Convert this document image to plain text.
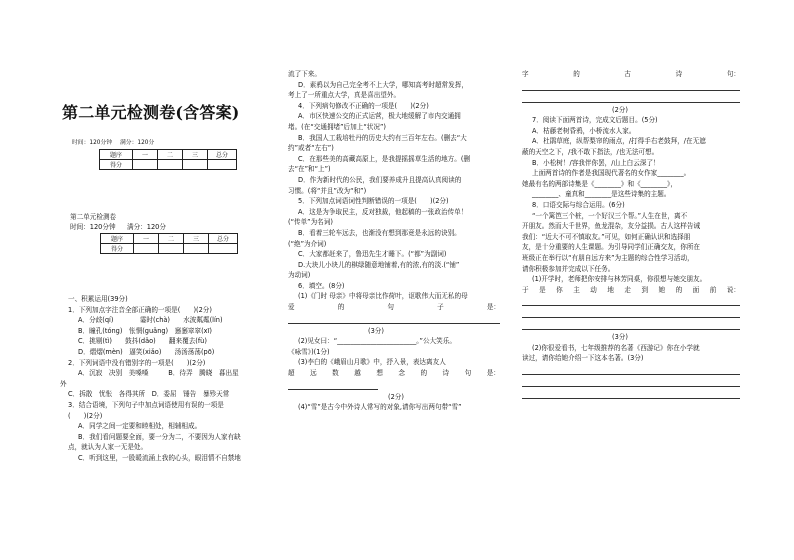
第二单元检测卷(含答案)
时间：120分钟 满分：120分
题序	一	二	三	总分
得分				
第二单元检测卷
时间：120分钟 满分：120分
题序	一	二	三	总分
得分				

一、积累运用(39分)

1．下列加点字注音全部正确的一项是(　　)(2分)

A．分歧(qí)　　　　霎时(chà)　　水波粼粼(lín)

B．瞳孔(tóng)　怅惘(guǎng)　窸窸窣窣(xī)

C．挑剔(tì)　　鼓抖(dǎo)　　翻来覆去(fù)

D．熠熠(mèn)　逼笑(xiǎo)　　汤汤荡荡(pō)

2．下列词语中没有错别字的一项是(　　)(2分)

A．沉寂　决别　美嗓嗓　　　B．待弄　腾晓　暮出星

外

C．拆散　忧怅　各得其所　D．委屈　锤告　暴殄天常

3．结合语境，下列句子中加点词语使用有误的一项是

(　　)(2分)

A．同学之间一定要和睦相处，相辅相成。

B．我们看问题要全面，要一分为二，不要因为人家有缺

点，就认为人家一无是处。

C．听到这里，一股暖流涌上我的心头，眼泪情不自禁地

流了下来。

D．素鸦以为自己完全考不上大学，哪知高考时超常发挥，

考上了一所重点大学，真是喜出望外。

4．下列病句修改不正确的一项是(　　)(2分)

A．市区快速公交的正式运营，极大地缓解了市内交通拥

堵。(在“交通拥堵”后加上“状况”)

B．我国人工栽培牡丹的历史大约有三百年左右。(删去“大

约”或者“左右”)

C．在那些美的高藏高原上，是我提摇摇草生活的地方。(删

去“在”和“上”)

D．作为新时代的公民，我们要养成升且提高认真阅读的

习惯。(将“并且”改为“和”)

5．下列加点词语词性判断错误的一项是(　　)(2分)

A．这是为争取民主，反对独裁，他起稿的一张政治传单！

(“传单”为名词)

B．看着三轮车远去，也渐没有想到那竟是永远的诀别。

(“绝”为介词)

C．大家都赶来了，鲁迅先生才睡下。(“都”为副词)

D.大块儿小块儿的棋绿随意地铺着,有的浓,有的淡.(“铺”

为动词)

6．填空。(8分)

(1)《门时 母亲》中将母亲比作荷叶，讴歌伟大而无私的母

爱	的	句	子	是：

(3分)

(2)见女曰：“________________________。”公大笑乐。

《咏雪》)(1分)

(3)李白的《峨眉山月歌》中，抒入景，表达离友人

超 远 数 越 想 念 的 诗 句 是：

(2分)

(4)“雪”是古今中外诗人常写的对象,请你写出两句带“雪”

字	的	古	诗	句：

(2分)

7．阅读下面两首诗，完成文后题目。(5分)

A．枯藤老树昏鸦，小桥流水人家。

A．杜鹃草庭，纵帮梨帘的雨点，/打得手右老鼓拜，/在无遮

蔽的天空之下，/我不敢下指法，/也无法可想。

B．小松树！/容我伴你罢，/山上白云深了！

上面两首诗的作者是我国现代著名的女作家________。

她最有名的两部诗集是《________》和《________》，

________、童真和________是这些诗集的主题。

8．口语交际与综合运用。(6分)

“一个篱笆三个桩，一个好汉三个帮。”人生在世，离不

开朋友。然而大千世界，鱼龙混杂，友分益损。古人这样告诫

我们：“近大不可不慎取友。”可见，如何正确认识和选择朋

友，是十分重要的人生课题。为引导同学们正确交友，你所在

班级正在举行以“有朋自远方来”为主题的综合性学习活动，

请你积极参加并完成以下任务。

(1)开学时，老师把你安排与林芳同桌，你很想与她交朋友。

于 是 你 主 动 地 走 到 她 的 面 前 说：

(3分)

(2)你很爱看书，七年级推荐的名著《西游记》你在小学就

读过，请你给她介绍一下这本名著。(3分)
